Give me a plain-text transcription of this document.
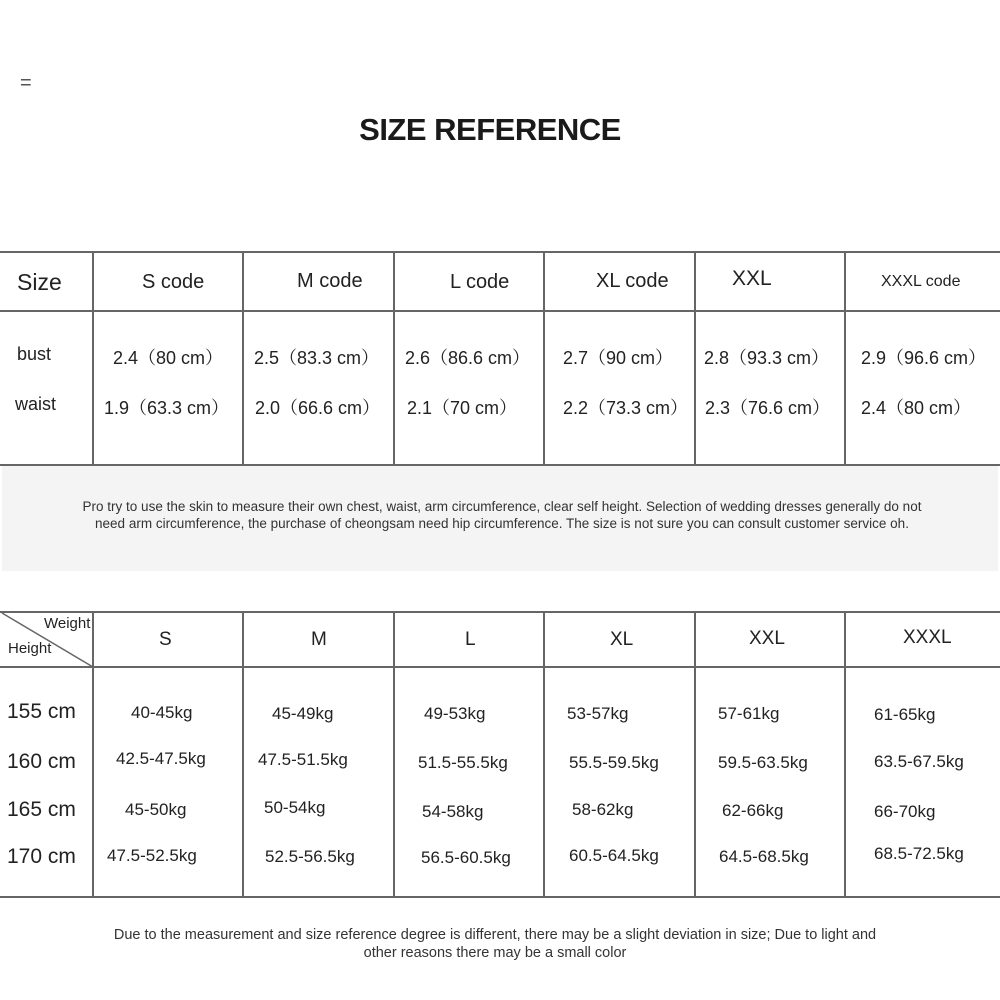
=
SIZE REFERENCE
Size	S code	M code	L code	XL code	XXL	XXXL code
bust	2.4（80 cm） 2.5（83.3 cm） 2.6（86.6 cm） 2.7（90 cm） 2.8（93.3 cm） 2.9（96.6 cm）
waist	1.9（63.3 cm） 2.0（66.6 cm） 2.1（70 cm）	2.2（73.3 cm） 2.3（76.6 cm） 2.4（80 cm）

Pro try to use the skin to measure their own chest, waist, arm circumference, clear self height. Selection of wedding dresses generally do not
need arm circumference, the purchase of cheongsam need hip circumference. The size is not sure you can consult customer service oh.

Weight
Height	S	M	L	XL	XXL	XXXL
155 cm	40-45kg	45-49kg	49-53kg	53-57kg	57-61kg	61-65kg
160 cm 42.5-47.5kg	47.5-51.5kg	51.5-55.5kg	55.5-59.5kg	59.5-63.5kg	63.5-67.5kg
165 cm	45-50kg	50-54kg	54-58kg	58-62kg	62-66kg	66-70kg
170 cm 47.5-52.5kg	52.5-56.5kg	56.5-60.5kg	60.5-64.5kg	64.5-68.5kg	68.5-72.5kg
Due to the measurement and size reference degree is different, there may be a slight deviation in size; Due to light and
other reasons there may be a small color
